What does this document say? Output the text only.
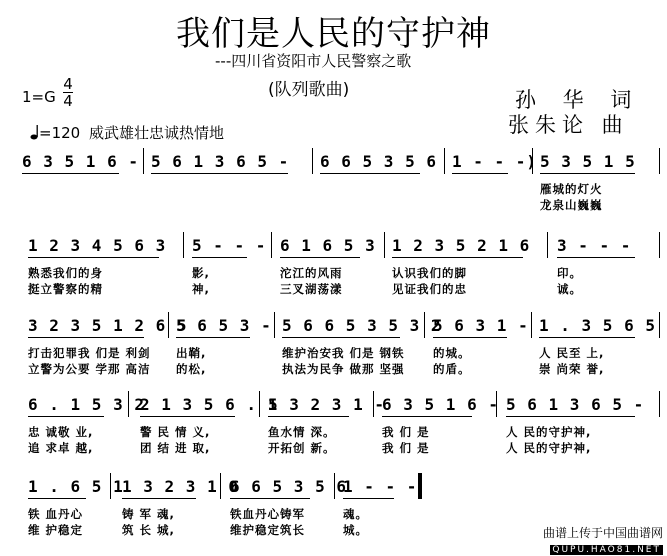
我们是人民的守护神
---四川省资阳市人民警察之歌
(队列歌曲)	孙 华 词
张朱论 曲
1=G
4
4
=120 威武雄壮忠诚热情地
6 3 5 1 6 - 5 6 1 3 6 5 - 6 6 5 3 5 6 1 - - -) 5 3 5 1 5
雁城的灯火
龙泉山巍巍
1 2 3 4 5 6 3
熟悉我们的身
挺立警察的精
5 - - -
影,
神,
6 1 6 5 3
沱江的风雨
三叉湖荡漾
1 2 3 5 2 1 6
认识我们的脚
见证我们的忠
3 - - -
印。
诚。
3 2 3 5 1 2 6 5
打击犯罪我 们是 利剑
立警为公要 学那 高洁
5 6 5 3 -
出鞘,
的松,
5 6 6 5 3 5 3 2
维护治安我 们是 钢铁
执法为民争 做那 坚强
5 6 3 1 -
的城。
的盾。
1 . 3 5 6 5
人 民至 上,
崇 尚荣 誉,
6 . 1 5 3 2
忠 诚敬 业,
追 求卓 越,
2 1 3 5 6 . 1
警 民 情 义,
团 结 进 取,
5 3 2 3 1 -
鱼水情 深。
开拓创 新。
6 3 5 1 6 -
我 们 是
我 们 是
5 6 1 3 6 5 -
人 民的守护神,
人 民的守护神,
1 . 6 5 1
铁 血丹心
维 护稳定
1 3 2 3 1 0
铸 军 魂,
筑 长 城,
6 6 5 3 5 6
铁血丹心铸军
维护稳定筑长
1 - - -
魂。
城。	曲谱上传于中国曲谱网
QUPU.HAO81.NET
